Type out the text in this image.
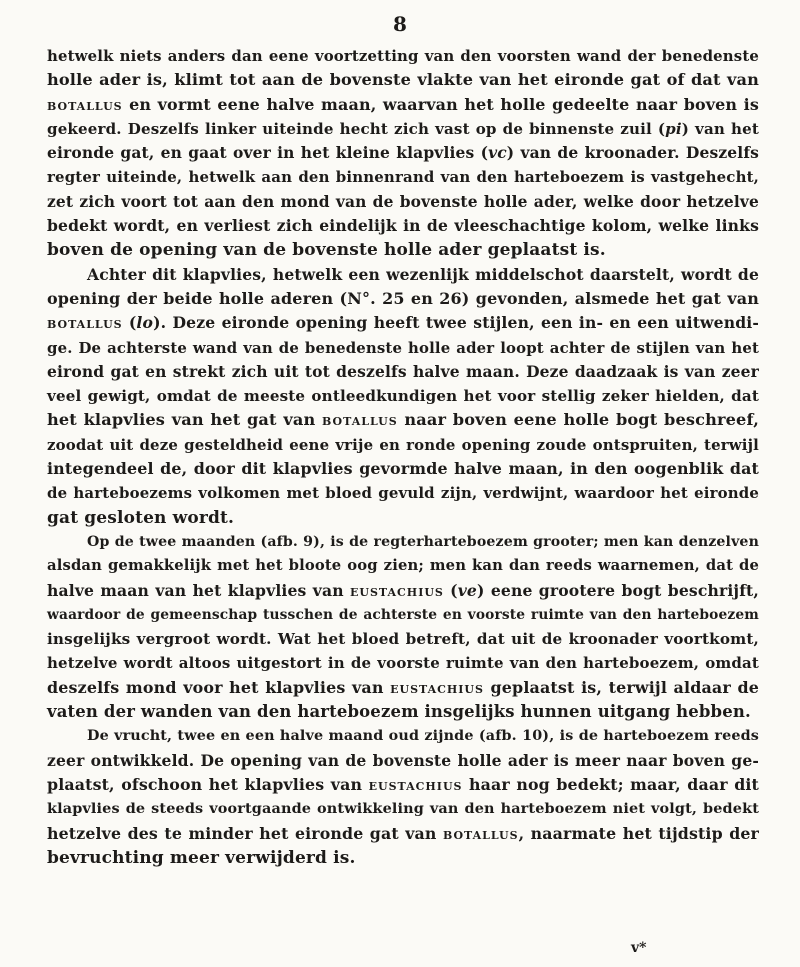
8
hetwelk niets anders dan eene voortzetting van den voorsten wand der benedenste
holle ader is, klimt tot aan de bovenste vlakte van het eironde gat of dat van
botallus en vormt eene halve maan, waarvan het holle gedeelte naar boven is
gekeerd. Deszelfs linker uiteinde hecht zich vast op de binnenste zuil (pi) van het
eironde gat, en gaat over in het kleine klapvlies (vc) van de kroonader. Deszelfs
regter uiteinde, hetwelk aan den binnenrand van den harteboezem is vastgehecht,
zet zich voort tot aan den mond van de bovenste holle ader, welke door hetzelve
bedekt wordt, en verliest zich eindelijk in de vleeschachtige kolom, welke links
boven de opening van de bovenste holle ader geplaatst is.
Achter dit klapvlies, hetwelk een wezenlijk middelschot daarstelt, wordt de
opening der beide holle aderen (N°. 25 en 26) gevonden, alsmede het gat van
botallus (lo). Deze eironde opening heeft twee stijlen, een in- en een uitwendi-
ge. De achterste wand van de benedenste holle ader loopt achter de stijlen van het
eirond gat en strekt zich uit tot deszelfs halve maan. Deze daadzaak is van zeer
veel gewigt, omdat de meeste ontleedkundigen het voor stellig zeker hielden, dat
het klapvlies van het gat van botallus naar boven eene holle bogt beschreef,
zoodat uit deze gesteldheid eene vrije en ronde opening zoude ontspruiten, terwijl
integendeel de, door dit klapvlies gevormde halve maan, in den oogenblik dat
de harteboezems volkomen met bloed gevuld zijn, verdwijnt, waardoor het eironde
gat gesloten wordt.
Op de twee maanden (afb. 9), is de regterharteboezem grooter; men kan denzelven
alsdan gemakkelijk met het bloote oog zien; men kan dan reeds waarnemen, dat de
halve maan van het klapvlies van eustachius (ve) eene grootere bogt beschrijft,
waardoor de gemeenschap tusschen de achterste en voorste ruimte van den harteboezem
insgelijks vergroot wordt. Wat het bloed betreft, dat uit de kroonader voortkomt,
hetzelve wordt altoos uitgestort in de voorste ruimte van den harteboezem, omdat
deszelfs mond voor het klapvlies van eustachius geplaatst is, terwijl aldaar de
vaten der wanden van den harteboezem insgelijks hunnen uitgang hebben.
De vrucht, twee en een halve maand oud zijnde (afb. 10), is de harteboezem reeds
zeer ontwikkeld. De opening van de bovenste holle ader is meer naar boven ge-
plaatst, ofschoon het klapvlies van eustachius haar nog bedekt; maar, daar dit
klapvlies de steeds voortgaande ontwikkeling van den harteboezem niet volgt, bedekt
hetzelve des te minder het eironde gat van botallus, naarmate het tijdstip der
bevruchting meer verwijderd is.
v*
